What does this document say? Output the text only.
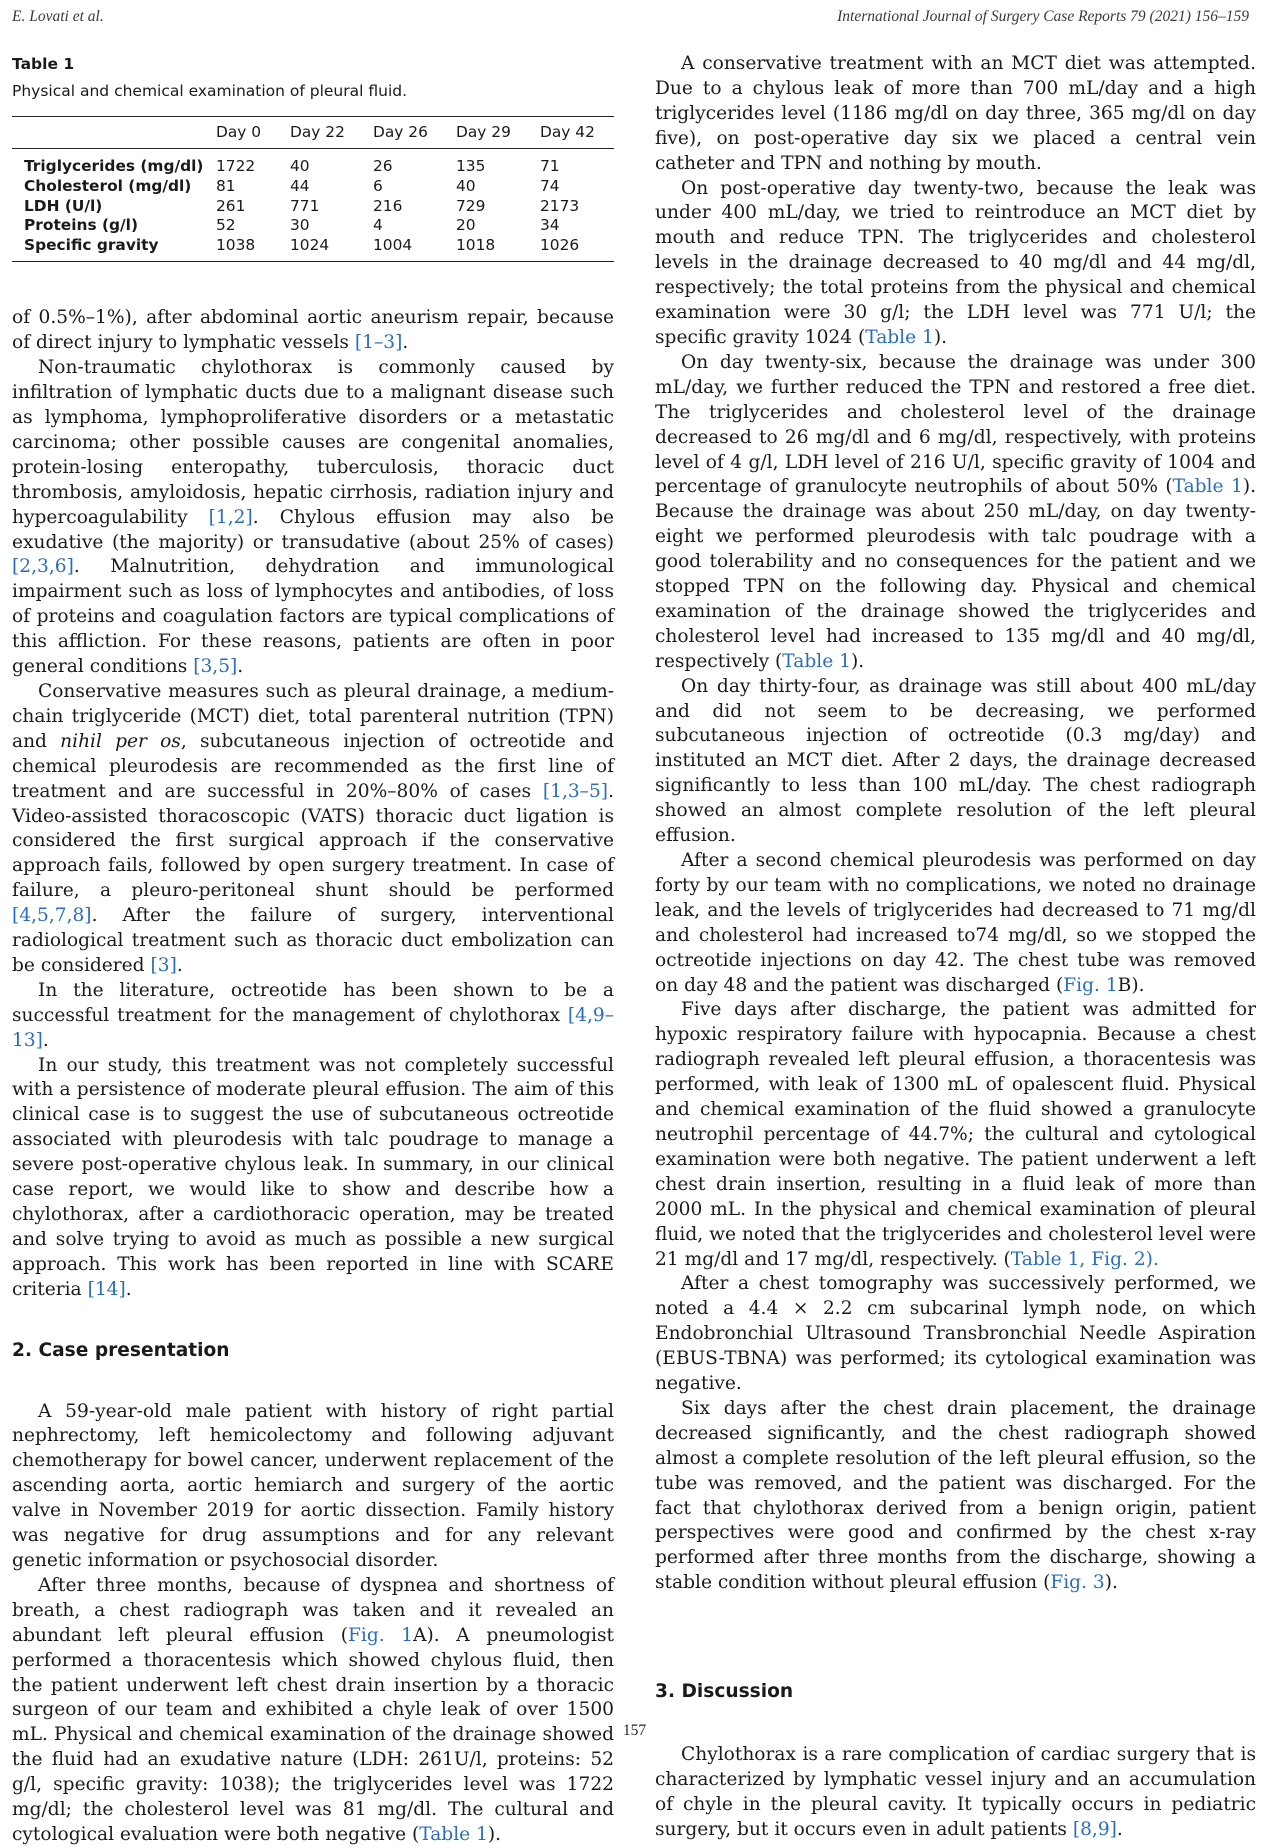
E. Lovati et al.	International Journal of Surgery Case Reports 79 (2021) 156–159
Table 1
Physical and chemical examination of pleural fluid.
	Day 0	Day 22	Day 26	Day 29	Day 42
Triglycerides (mg/dl)	1722	40	26	135	71
Cholesterol (mg/dl)	81	44	6	40	74
LDH (U/l)	261	771	216	729	2173
Proteins (g/l)	52	30	4	20	34
Specific gravity	1038	1024	1004	1018	1026

of 0.5%–1%), after abdominal aortic aneurism repair, because of direct injury to lymphatic vessels [1–3].

Non-traumatic chylothorax is commonly caused by infiltration of lymphatic ducts due to a malignant disease such as lymphoma, lymphoproliferative disorders or a metastatic carcinoma; other possible causes are congenital anomalies, protein-losing enteropathy, tuberculosis, thoracic duct thrombosis, amyloidosis, hepatic cirrhosis, radiation injury and hypercoagulability [1,2]. Chylous effusion may also be exudative (the majority) or transudative (about 25% of cases) [2,3,6]. Malnutrition, dehydration and immunological impairment such as loss of lymphocytes and antibodies, of loss of proteins and coagulation factors are typical complications of this affliction. For these reasons, patients are often in poor general conditions [3,5].

Conservative measures such as pleural drainage, a medium-chain triglyceride (MCT) diet, total parenteral nutrition (TPN) and nihil per os, subcutaneous injection of octreotide and chemical pleurodesis are recommended as the first line of treatment and are successful in 20%–80% of cases [1,3–5]. Video-assisted thoracoscopic (VATS) thoracic duct ligation is considered the first surgical approach if the conservative approach fails, followed by open surgery treatment. In case of failure, a pleuro-peritoneal shunt should be performed [4,5,7,8]. After the failure of surgery, interventional radiological treatment such as thoracic duct embolization can be considered [3].

In the literature, octreotide has been shown to be a successful treatment for the management of chylothorax [4,9–13].

In our study, this treatment was not completely successful with a persistence of moderate pleural effusion. The aim of this clinical case is to suggest the use of subcutaneous octreotide associated with pleurodesis with talc poudrage to manage a severe post-operative chylous leak. In summary, in our clinical case report, we would like to show and describe how a chylothorax, after a cardiothoracic operation, may be treated and solve trying to avoid as much as possible a new surgical approach. This work has been reported in line with SCARE criteria [14].

2. Case presentation

A 59-year-old male patient with history of right partial nephrectomy, left hemicolectomy and following adjuvant chemotherapy for bowel cancer, underwent replacement of the ascending aorta, aortic hemiarch and surgery of the aortic valve in November 2019 for aortic dissection. Family history was negative for drug assumptions and for any relevant genetic information or psychosocial disorder.

After three months, because of dyspnea and shortness of breath, a chest radiograph was taken and it revealed an abundant left pleural effusion (Fig. 1A). A pneumologist performed a thoracentesis which showed chylous fluid, then the patient underwent left chest drain insertion by a thoracic surgeon of our team and exhibited a chyle leak of over 1500 mL. Physical and chemical examination of the drainage showed the fluid had an exudative nature (LDH: 261U/l, proteins: 52 g/l, specific gravity: 1038); the triglycerides level was 1722 mg/dl; the cholesterol level was 81 mg/dl. The cultural and cytological evaluation were both negative (Table 1).

A conservative treatment with an MCT diet was attempted. Due to a chylous leak of more than 700 mL/day and a high triglycerides level (1186 mg/dl on day three, 365 mg/dl on day five), on post-operative day six we placed a central vein catheter and TPN and nothing by mouth.

On post-operative day twenty-two, because the leak was under 400 mL/day, we tried to reintroduce an MCT diet by mouth and reduce TPN. The triglycerides and cholesterol levels in the drainage decreased to 40 mg/dl and 44 mg/dl, respectively; the total proteins from the physical and chemical examination were 30 g/l; the LDH level was 771 U/l; the specific gravity 1024 (Table 1).

On day twenty-six, because the drainage was under 300 mL/day, we further reduced the TPN and restored a free diet. The triglycerides and cholesterol level of the drainage decreased to 26 mg/dl and 6 mg/dl, respectively, with proteins level of 4 g/l, LDH level of 216 U/l, specific gravity of 1004 and percentage of granulocyte neutrophils of about 50% (Table 1). Because the drainage was about 250 mL/day, on day twenty-eight we performed pleurodesis with talc poudrage with a good tolerability and no consequences for the patient and we stopped TPN on the following day. Physical and chemical examination of the drainage showed the triglycerides and cholesterol level had increased to 135 mg/dl and 40 mg/dl, respectively (Table 1).

On day thirty-four, as drainage was still about 400 mL/day and did not seem to be decreasing, we performed subcutaneous injection of octreotide (0.3 mg/day) and instituted an MCT diet. After 2 days, the drainage decreased significantly to less than 100 mL/day. The chest radiograph showed an almost complete resolution of the left pleural effusion.

After a second chemical pleurodesis was performed on day forty by our team with no complications, we noted no drainage leak, and the levels of triglycerides had decreased to 71 mg/dl and cholesterol had increased to74 mg/dl, so we stopped the octreotide injections on day 42. The chest tube was removed on day 48 and the patient was discharged (Fig. 1B).

Five days after discharge, the patient was admitted for hypoxic respiratory failure with hypocapnia. Because a chest radiograph revealed left pleural effusion, a thoracentesis was performed, with leak of 1300 mL of opalescent fluid. Physical and chemical examination of the fluid showed a granulocyte neutrophil percentage of 44.7%; the cultural and cytological examination were both negative. The patient underwent a left chest drain insertion, resulting in a fluid leak of more than 2000 mL. In the physical and chemical examination of pleural fluid, we noted that the triglycerides and cholesterol level were 21 mg/dl and 17 mg/dl, respectively. (Table 1, Fig. 2).

After a chest tomography was successively performed, we noted a 4.4 × 2.2 cm subcarinal lymph node, on which Endobronchial Ultrasound Transbronchial Needle Aspiration (EBUS-TBNA) was performed; its cytological examination was negative.

Six days after the chest drain placement, the drainage decreased significantly, and the chest radiograph showed almost a complete resolution of the left pleural effusion, so the tube was removed, and the patient was discharged. For the fact that chylothorax derived from a benign origin, patient perspectives were good and confirmed by the chest x-ray performed after three months from the discharge, showing a stable condition without pleural effusion (Fig. 3).

3. Discussion

Chylothorax is a rare complication of cardiac surgery that is characterized by lymphatic vessel injury and an accumulation of chyle in the pleural cavity. It typically occurs in pediatric surgery, but it occurs even in adult patients [8,9].

157
